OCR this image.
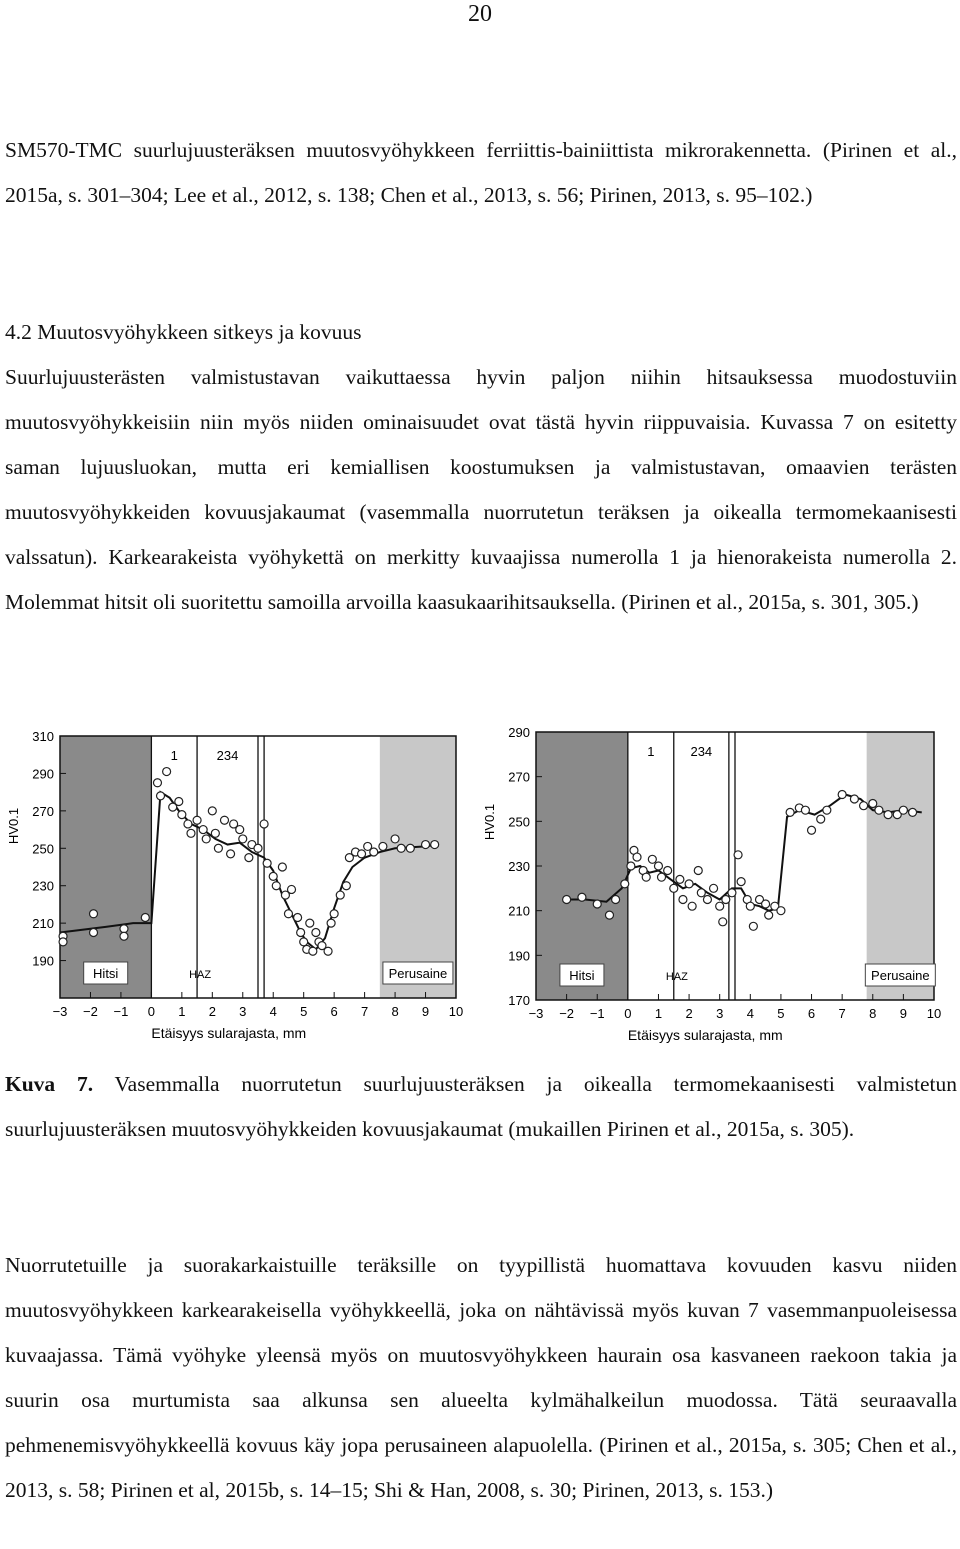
20
SM570-TMC suurlujuusteräksen muutosvyöhykkeen ferriittis-bainiittista mikrorakennetta. (Pirinen et al., 2015a, s. 301–304; Lee et al., 2012, s. 138; Chen et al., 2013, s. 56; Pirinen, 2013, s. 95–102.)
4.2 Muutosvyöhykkeen sitkeys ja kovuus
Suurlujuusterästen valmistustavan vaikuttaessa hyvin paljon niihin hitsauksessa muodostuviin muutosvyöhykkeisiin niin myös niiden ominaisuudet ovat tästä hyvin riippuvaisia. Kuvassa 7 on esitetty saman lujuusluokan, mutta eri kemiallisen koostumuksen ja valmistustavan, omaavien terästen muutosvyöhykkeiden kovuusjakaumat (vasemmalla nuorrutetun teräksen ja oikealla termomekaanisesti valssatun). Karkearakeista vyöhykettä on merkitty kuvaajissa numerolla 1 ja hienorakeista numerolla 2. Molemmat hitsit oli suoritettu samoilla arvoilla kaasukaarihitsauksella. (Pirinen et al., 2015a, s. 301, 305.)
1	234
Hitsi	HAZ	Perusaine
190
210
230
250
270
290
310
−3 −2 −1 0 1 2 3 4 5 6 7 8 9 10
HV0.1
Etäisyys sularajasta, mm
1	234
Hitsi	HAZ	Perusaine
170
190
210
230
250
270
290
−3 −2 −1 0 1 2 3 4 5 6 7 8 9 10
HV0.1
Etäisyys sularajasta, mm
Kuva 7. Vasemmalla nuorrutetun suurlujuusteräksen ja oikealla termomekaanisesti valmistetun suurlujuusteräksen muutosvyöhykkeiden kovuusjakaumat (mukaillen Pirinen et al., 2015a, s. 305).
Nuorrutetuille ja suorakarkaistuille teräksille on tyypillistä huomattava kovuuden kasvu niiden muutosvyöhykkeen karkearakeisella vyöhykkeellä, joka on nähtävissä myös kuvan 7 vasemmanpuoleisessa kuvaajassa. Tämä vyöhyke yleensä myös on muutosvyöhykkeen haurain osa kasvaneen raekoon takia ja suurin osa murtumista saa alkunsa sen alueelta kylmähalkeilun muodossa. Tätä seuraavalla pehmenemisvyöhykkeellä kovuus käy jopa perusaineen alapuolella. (Pirinen et al., 2015a, s. 305; Chen et al., 2013, s. 58; Pirinen et al, 2015b, s. 14–15; Shi & Han, 2008, s. 30; Pirinen, 2013, s. 153.)
